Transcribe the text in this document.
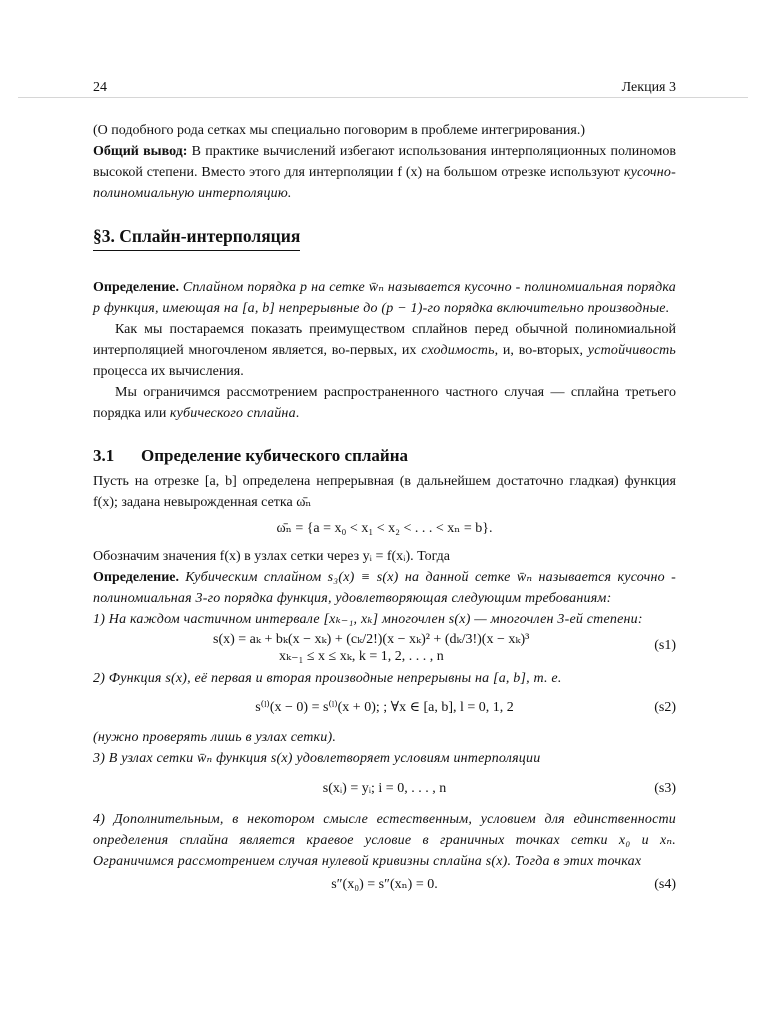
24	Лекция 3

(О подобного рода сетках мы специально поговорим в проблеме интегрирования.)

Общий вывод: В практике вычислений избегают использования интерполяционных полиномов высокой степени. Вместо этого для интерполяции f (x) на большом отрезке используют кусочно-полиномиальную интерполяцию.

§3. Сплайн-интерполяция

Определение. Сплайном порядка p на сетке w̄ₙ называется кусочно - полиномиальная порядка p функция, имеющая на [a, b] непрерывные до (p − 1)-го порядка включительно производные.

Как мы постараемся показать преимуществом сплайнов перед обычной полиномиальной интерполяцией многочленом является, во-первых, их сходимость, и, во-вторых, устойчивость процесса их вычисления.

Мы ограничимся рассмотрением распространенного частного случая — сплайна третьего порядка или кубического сплайна.

3.1 Определение кубического сплайна

Пусть на отрезке [a, b] определена непрерывная (в дальнейшем достаточно гладкая) функция f(x); задана невырожденная сетка ω̄ₙ

ω̄ₙ = {a = x₀ < x₁ < x₂ < . . . < xₙ = b}.

Обозначим значения f(x) в узлах сетки через yᵢ = f(xᵢ). Тогда

Определение. Кубическим сплайном s₃(x) ≡ s(x) на данной сетке w̄ₙ называется кусочно - полиномиальная 3-го порядка функция, удовлетворяющая следующим требованиям:

1) На каждом частичном интервале [xₖ₋₁, xₖ] многочлен s(x) — многочлен 3-ей степени:

s(x) = aₖ + bₖ(x − xₖ) + (cₖ/2!)(x − xₖ)² + (dₖ/3!)(x − xₖ)³
xₖ₋₁ ≤ x ≤ xₖ, k = 1, 2, . . . , n
(s1)

2) Функция s(x), её первая и вторая производные непрерывны на [a, b], т. е.

s⁽ˡ⁾(x − 0) = s⁽ˡ⁾(x + 0); ; ∀x ∈ [a, b], l = 0, 1, 2	(s2)

(нужно проверять лишь в узлах сетки).

3) В узлах сетки w̄ₙ функция s(x) удовлетворяет условиям интерполяции

s(xᵢ) = yᵢ; i = 0, . . . , n	(s3)

4) Дополнительным, в некотором смысле естественным, условием для единственности определения сплайна является краевое условие в граничных точках сетки x₀ и xₙ. Ограничимся рассмотрением случая нулевой кривизны сплайна s(x). Тогда в этих точках

s″(x₀) = s″(xₙ) = 0.	(s4)
